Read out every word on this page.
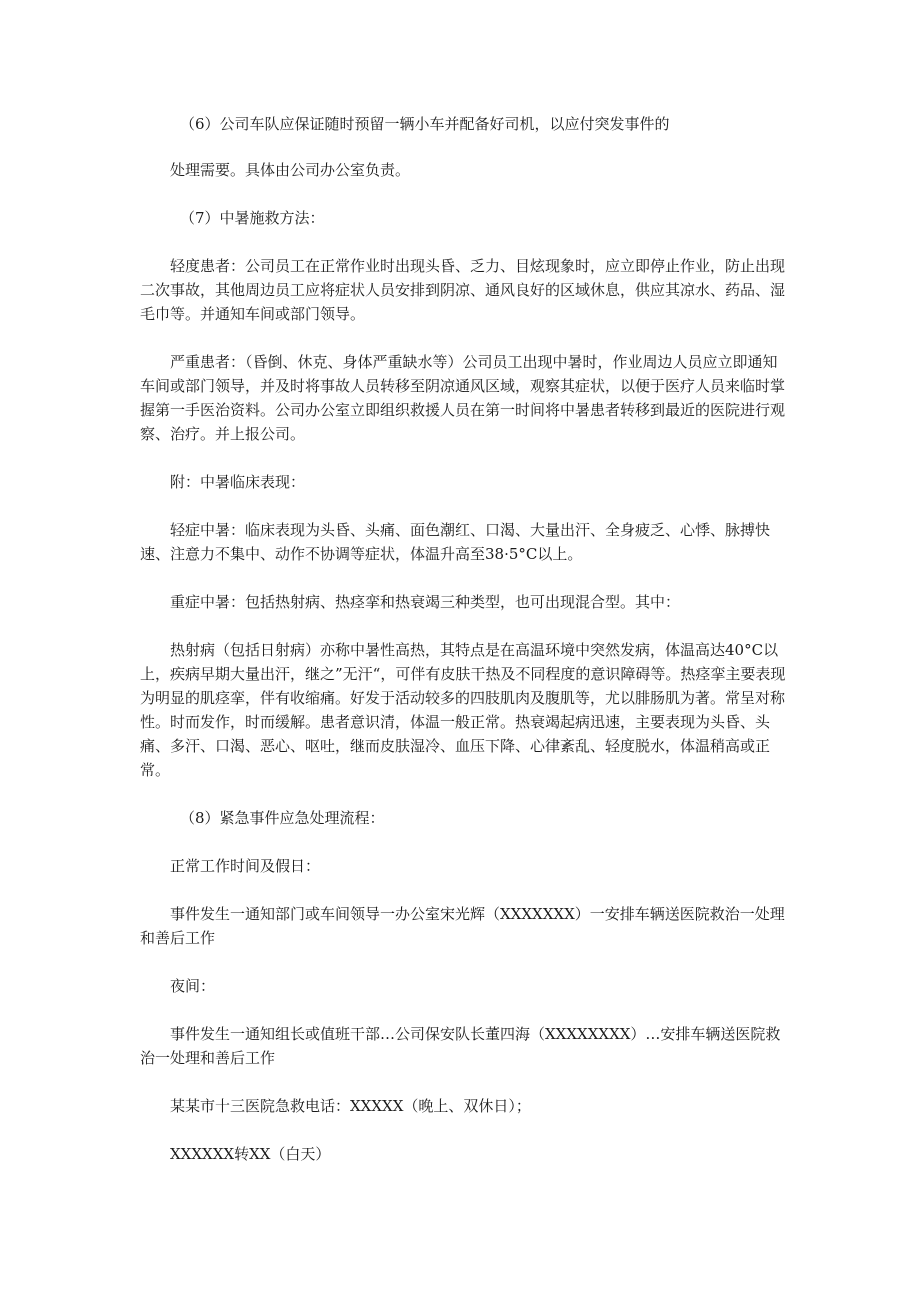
（6）公司车队应保证随时预留一辆小车并配备好司机，以应付突发事件的

处理需要。具体由公司办公室负责。

（7）中暑施救方法：

轻度患者：公司员工在正常作业时出现头昏、乏力、目炫现象时，应立即停止作业，防止出现二次事故，其他周边员工应将症状人员安排到阴凉、通风良好的区域休息，供应其凉水、药品、湿毛巾等。并通知车间或部门领导。

严重患者：（昏倒、休克、身体严重缺水等）公司员工出现中暑时，作业周边人员应立即通知车间或部门领导，并及时将事故人员转移至阴凉通风区域，观察其症状，以便于医疗人员来临时掌握第一手医治资料。公司办公室立即组织救援人员在第一时间将中暑患者转移到最近的医院进行观察、治疗。并上报公司。

附：中暑临床表现：

轻症中暑：临床表现为头昏、头痛、面色潮红、口渴、大量出汗、全身疲乏、心悸、脉搏快速、注意力不集中、动作不协调等症状，体温升高至38·5°C以上。

重症中暑：包括热射病、热痉挛和热衰竭三种类型，也可出现混合型。其中：

热射病（包括日射病）亦称中暑性高热，其特点是在高温环境中突然发病，体温高达40°C以上，疾病早期大量出汗，继之”无汗“，可伴有皮肤干热及不同程度的意识障碍等。热痉挛主要表现为明显的肌痉挛，伴有收缩痛。好发于活动较多的四肢肌肉及腹肌等，尤以腓肠肌为著。常呈对称性。时而发作，时而缓解。患者意识清，体温一般正常。热衰竭起病迅速，主要表现为头昏、头痛、多汗、口渴、恶心、呕吐，继而皮肤湿冷、血压下降、心律紊乱、轻度脱水，体温稍高或正常。

（8）紧急事件应急处理流程：

正常工作时间及假日：

事件发生一通知部门或车间领导一办公室宋光辉（XXXXXXX）一安排车辆送医院救治一处理和善后工作

夜间：

事件发生一通知组长或值班干部…公司保安队长董四海（XXXXXXXX）…安排车辆送医院救治一处理和善后工作

某某市十三医院急救电话：XXXXX（晚上、双休日）；

XXXXXX转XX（白天）
